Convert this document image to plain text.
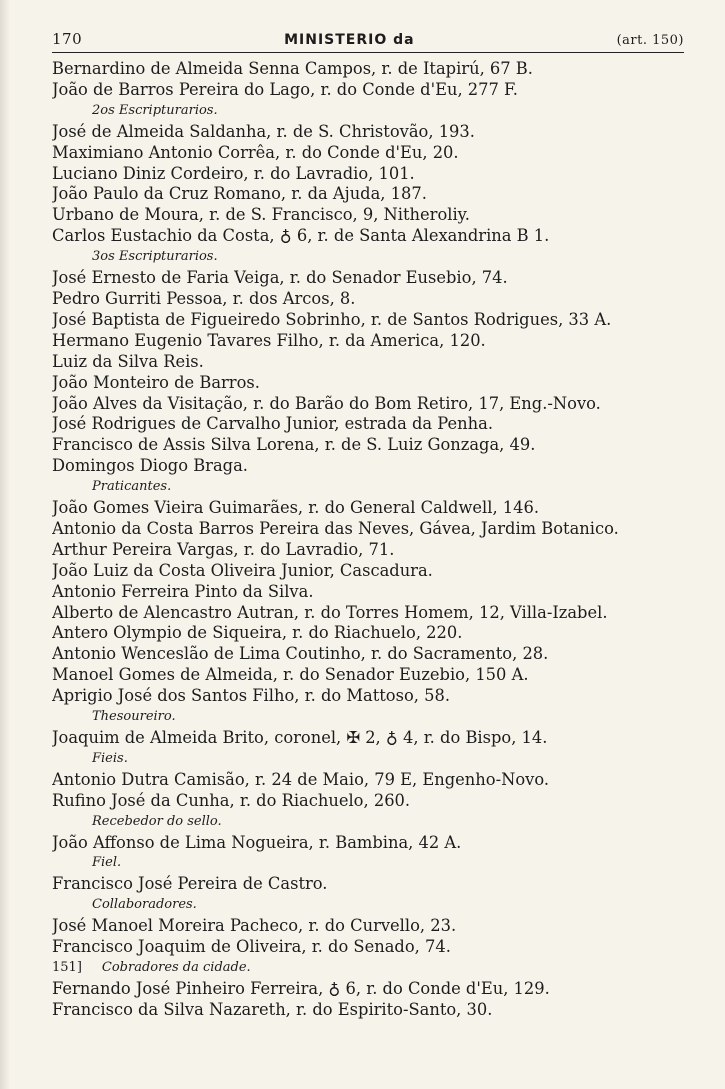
170	MINISTERIO da	(art. 150)
Bernardino de Almeida Senna Campos, r. de Itapirú, 67 B.
João de Barros Pereira do Lago, r. do Conde d'Eu, 277 F.
2os Escripturarios.
José de Almeida Saldanha, r. de S. Christovão, 193.
Maximiano Antonio Corrêa, r. do Conde d'Eu, 20.
Luciano Diniz Cordeiro, r. do Lavradio, 101.
João Paulo da Cruz Romano, r. da Ajuda, 187.
Urbano de Moura, r. de S. Francisco, 9, Nitheroliy.
Carlos Eustachio da Costa, ♁ 6, r. de Santa Alexandrina B 1.
3os Escripturarios.
José Ernesto de Faria Veiga, r. do Senador Eusebio, 74.
Pedro Gurriti Pessoa, r. dos Arcos, 8.
José Baptista de Figueiredo Sobrinho, r. de Santos Rodrigues, 33 A.
Hermano Eugenio Tavares Filho, r. da America, 120.
Luiz da Silva Reis.
João Monteiro de Barros.
João Alves da Visitação, r. do Barão do Bom Retiro, 17, Eng.-Novo.
José Rodrigues de Carvalho Junior, estrada da Penha.
Francisco de Assis Silva Lorena, r. de S. Luiz Gonzaga, 49.
Domingos Diogo Braga.
Praticantes.
João Gomes Vieira Guimarães, r. do General Caldwell, 146.
Antonio da Costa Barros Pereira das Neves, Gávea, Jardim Botanico.
Arthur Pereira Vargas, r. do Lavradio, 71.
João Luiz da Costa Oliveira Junior, Cascadura.
Antonio Ferreira Pinto da Silva.
Alberto de Alencastro Autran, r. do Torres Homem, 12, Villa-Izabel.
Antero Olympio de Siqueira, r. do Riachuelo, 220.
Antonio Wenceslão de Lima Coutinho, r. do Sacramento, 28.
Manoel Gomes de Almeida, r. do Senador Euzebio, 150 A.
Aprigio José dos Santos Filho, r. do Mattoso, 58.
Thesoureiro.
Joaquim de Almeida Brito, coronel, ✠ 2, ♁ 4, r. do Bispo, 14.
Fieis.
Antonio Dutra Camisão, r. 24 de Maio, 79 E, Engenho-Novo.
Rufino José da Cunha, r. do Riachuelo, 260.
Recebedor do sello.
João Affonso de Lima Nogueira, r. Bambina, 42 A.
Fiel.
Francisco José Pereira de Castro.
Collaboradores.
José Manoel Moreira Pacheco, r. do Curvello, 23.
Francisco Joaquim de Oliveira, r. do Senado, 74.
151] Cobradores da cidade.
Fernando José Pinheiro Ferreira, ♁ 6, r. do Conde d'Eu, 129.
Francisco da Silva Nazareth, r. do Espirito-Santo, 30.
